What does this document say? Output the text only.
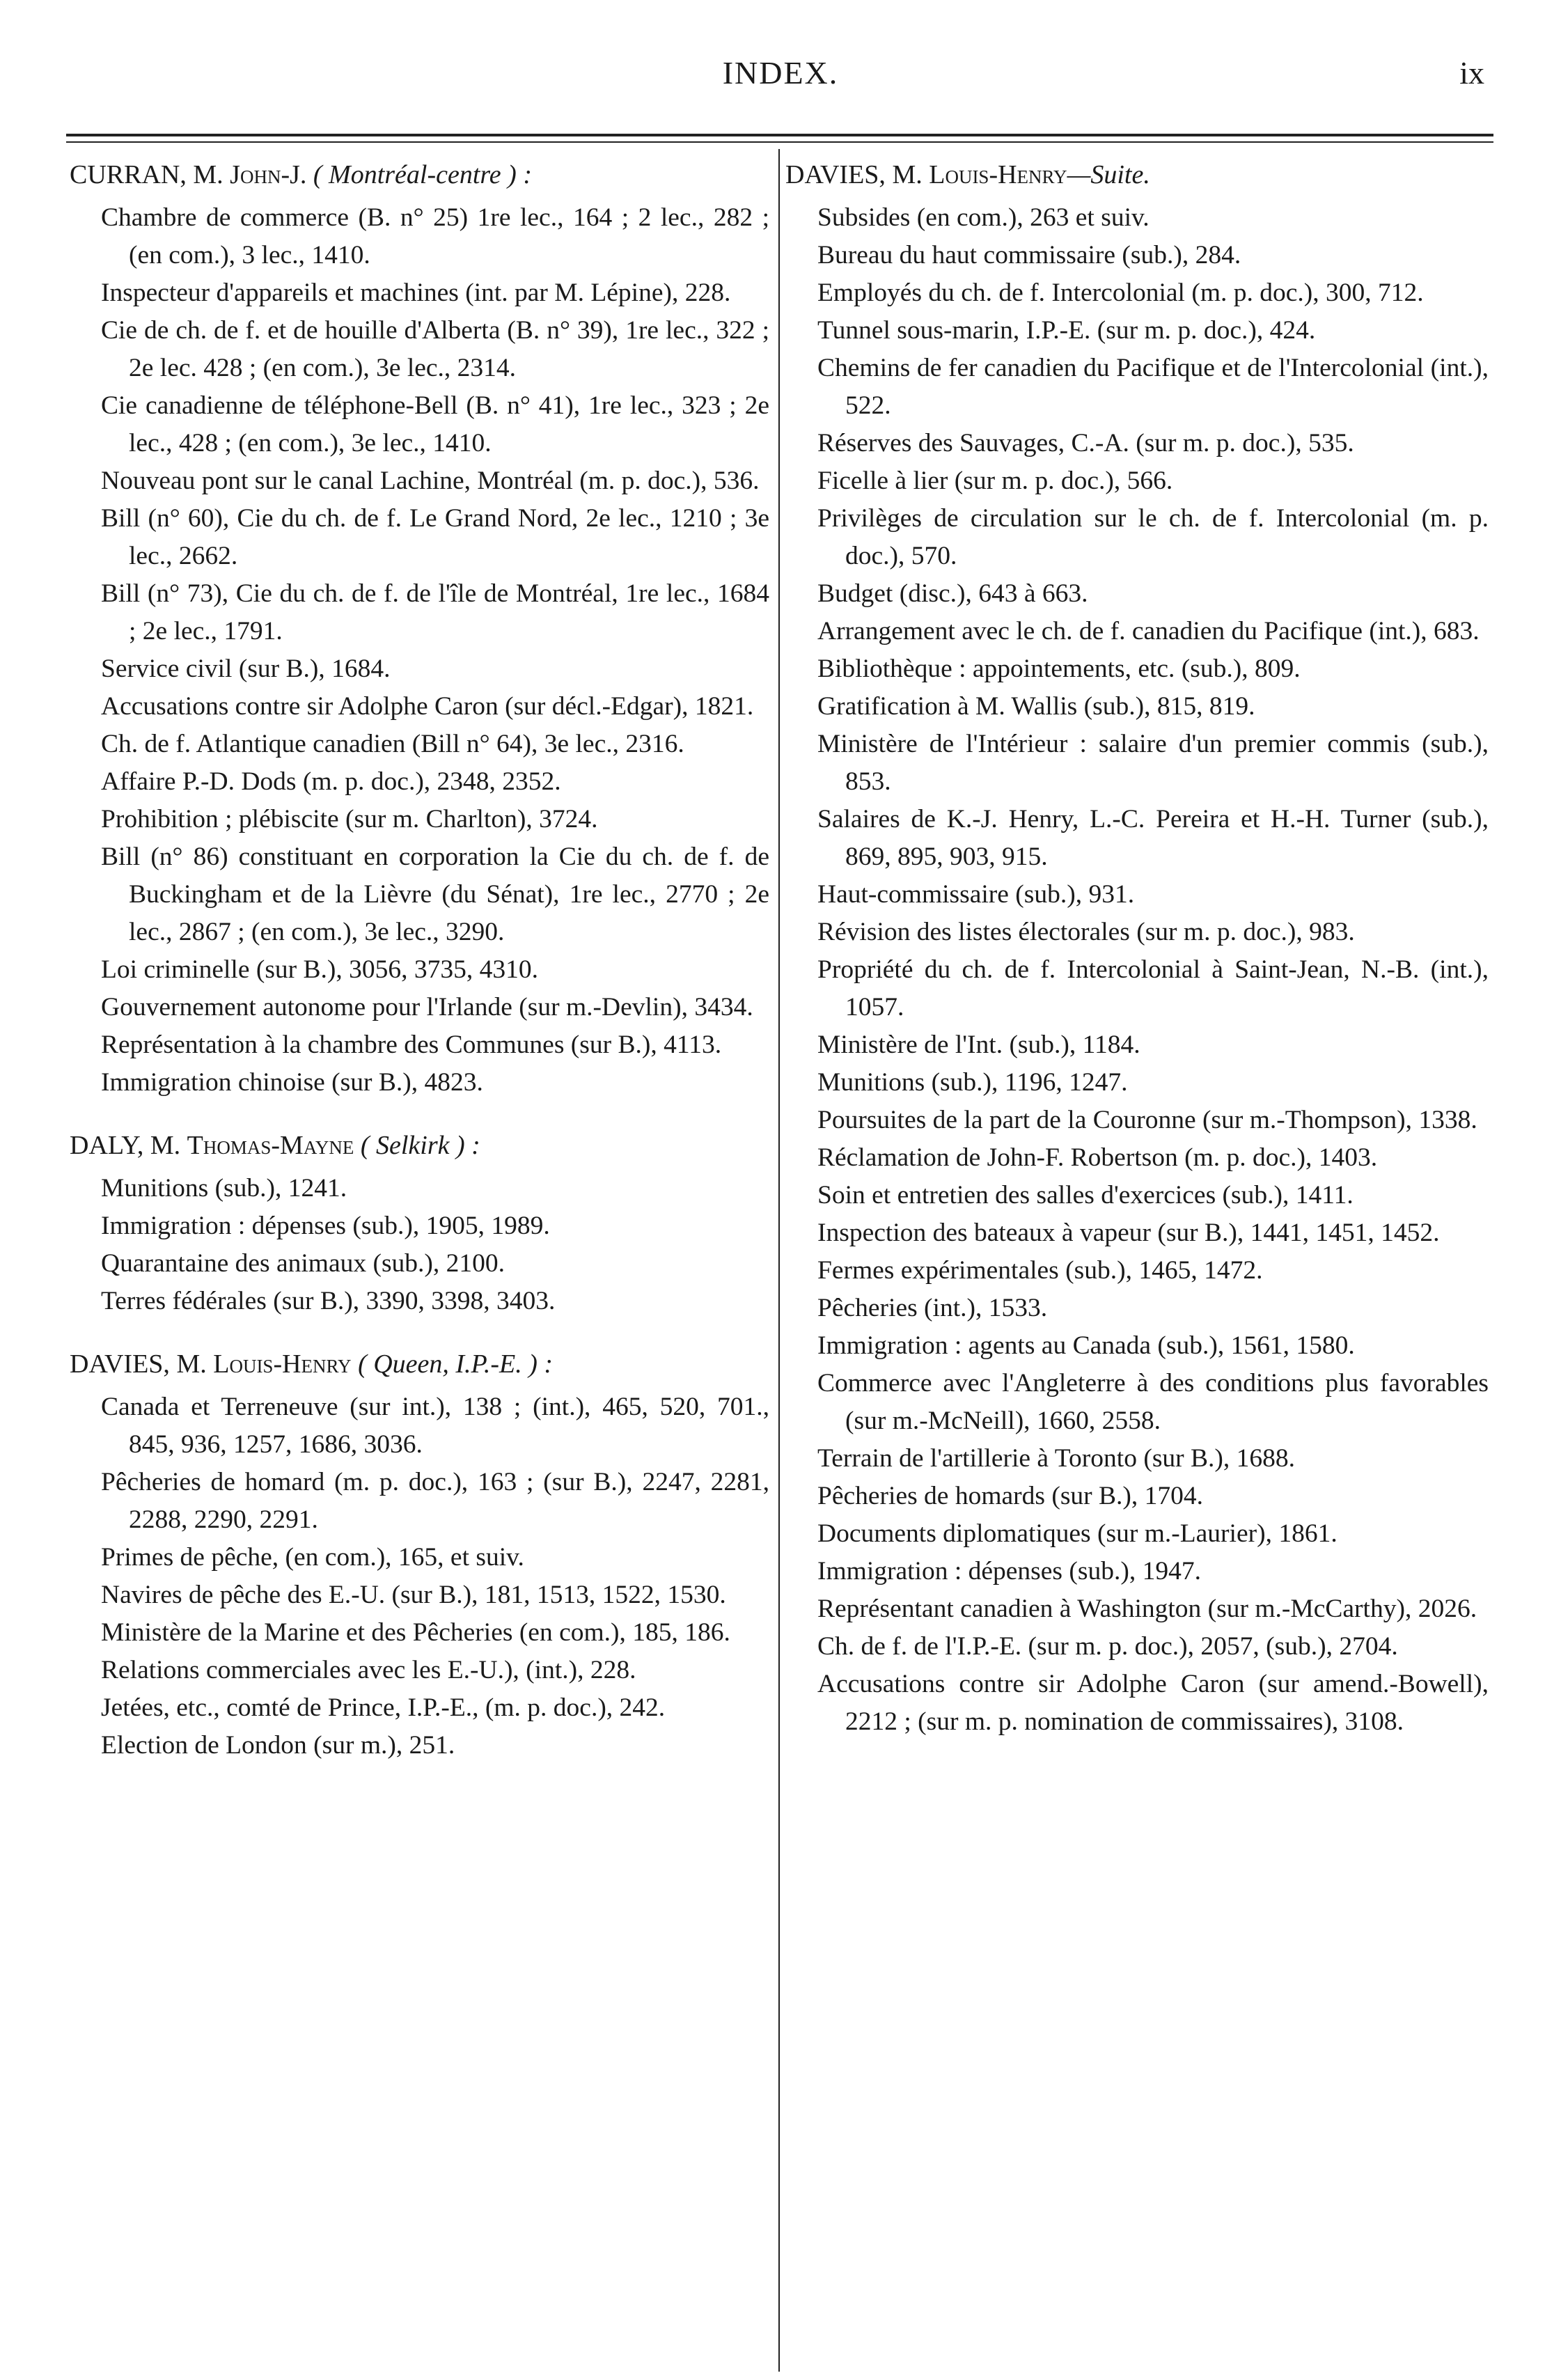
INDEX.	ix
CURRAN, M. John-J. ( Montréal-centre ) :

Chambre de commerce (B. n° 25) 1re lec., 164 ; 2 lec., 282 ; (en com.), 3 lec., 1410.

Inspecteur d'appareils et machines (int. par M. Lépine), 228.

Cie de ch. de f. et de houille d'Alberta (B. n° 39), 1re lec., 322 ; 2e lec. 428 ; (en com.), 3e lec., 2314.

Cie canadienne de téléphone-Bell (B. n° 41), 1re lec., 323 ; 2e lec., 428 ; (en com.), 3e lec., 1410.

Nouveau pont sur le canal Lachine, Montréal (m. p. doc.), 536.

Bill (n° 60), Cie du ch. de f. Le Grand Nord, 2e lec., 1210 ; 3e lec., 2662.

Bill (n° 73), Cie du ch. de f. de l'île de Montréal, 1re lec., 1684 ; 2e lec., 1791.

Service civil (sur B.), 1684.

Accusations contre sir Adolphe Caron (sur décl.-Edgar), 1821.

Ch. de f. Atlantique canadien (Bill n° 64), 3e lec., 2316.

Affaire P.-D. Dods (m. p. doc.), 2348, 2352.

Prohibition ; plébiscite (sur m. Charlton), 3724.

Bill (n° 86) constituant en corporation la Cie du ch. de f. de Buckingham et de la Lièvre (du Sénat), 1re lec., 2770 ; 2e lec., 2867 ; (en com.), 3e lec., 3290.

Loi criminelle (sur B.), 3056, 3735, 4310.

Gouvernement autonome pour l'Irlande (sur m.-Devlin), 3434.

Représentation à la chambre des Communes (sur B.), 4113.

Immigration chinoise (sur B.), 4823.

DALY, M. Thomas-Mayne ( Selkirk ) :

Munitions (sub.), 1241.

Immigration : dépenses (sub.), 1905, 1989.

Quarantaine des animaux (sub.), 2100.

Terres fédérales (sur B.), 3390, 3398, 3403.

DAVIES, M. Louis-Henry ( Queen, I.P.-E. ) :

Canada et Terreneuve (sur int.), 138 ; (int.), 465, 520, 701., 845, 936, 1257, 1686, 3036.

Pêcheries de homard (m. p. doc.), 163 ; (sur B.), 2247, 2281, 2288, 2290, 2291.

Primes de pêche, (en com.), 165, et suiv.

Navires de pêche des E.-U. (sur B.), 181, 1513, 1522, 1530.

Ministère de la Marine et des Pêcheries (en com.), 185, 186.

Relations commerciales avec les E.-U.), (int.), 228.

Jetées, etc., comté de Prince, I.P.-E., (m. p. doc.), 242.

Election de London (sur m.), 251.

DAVIES, M. Louis-Henry—Suite.

Subsides (en com.), 263 et suiv.

Bureau du haut commissaire (sub.), 284.

Employés du ch. de f. Intercolonial (m. p. doc.), 300, 712.

Tunnel sous-marin, I.P.-E. (sur m. p. doc.), 424.

Chemins de fer canadien du Pacifique et de l'Intercolonial (int.), 522.

Réserves des Sauvages, C.-A. (sur m. p. doc.), 535.

Ficelle à lier (sur m. p. doc.), 566.

Privilèges de circulation sur le ch. de f. Intercolonial (m. p. doc.), 570.

Budget (disc.), 643 à 663.

Arrangement avec le ch. de f. canadien du Pacifique (int.), 683.

Bibliothèque : appointements, etc. (sub.), 809.

Gratification à M. Wallis (sub.), 815, 819.

Ministère de l'Intérieur : salaire d'un premier commis (sub.), 853.

Salaires de K.-J. Henry, L.-C. Pereira et H.-H. Turner (sub.), 869, 895, 903, 915.

Haut-commissaire (sub.), 931.

Révision des listes électorales (sur m. p. doc.), 983.

Propriété du ch. de f. Intercolonial à Saint-Jean, N.-B. (int.), 1057.

Ministère de l'Int. (sub.), 1184.

Munitions (sub.), 1196, 1247.

Poursuites de la part de la Couronne (sur m.-Thompson), 1338.

Réclamation de John-F. Robertson (m. p. doc.), 1403.

Soin et entretien des salles d'exercices (sub.), 1411.

Inspection des bateaux à vapeur (sur B.), 1441, 1451, 1452.

Fermes expérimentales (sub.), 1465, 1472.

Pêcheries (int.), 1533.

Immigration : agents au Canada (sub.), 1561, 1580.

Commerce avec l'Angleterre à des conditions plus favorables (sur m.-McNeill), 1660, 2558.

Terrain de l'artillerie à Toronto (sur B.), 1688.

Pêcheries de homards (sur B.), 1704.

Documents diplomatiques (sur m.-Laurier), 1861.

Immigration : dépenses (sub.), 1947.

Représentant canadien à Washington (sur m.-McCarthy), 2026.

Ch. de f. de l'I.P.-E. (sur m. p. doc.), 2057, (sub.), 2704.

Accusations contre sir Adolphe Caron (sur amend.-Bowell), 2212 ; (sur m. p. nomination de commissaires), 3108.
